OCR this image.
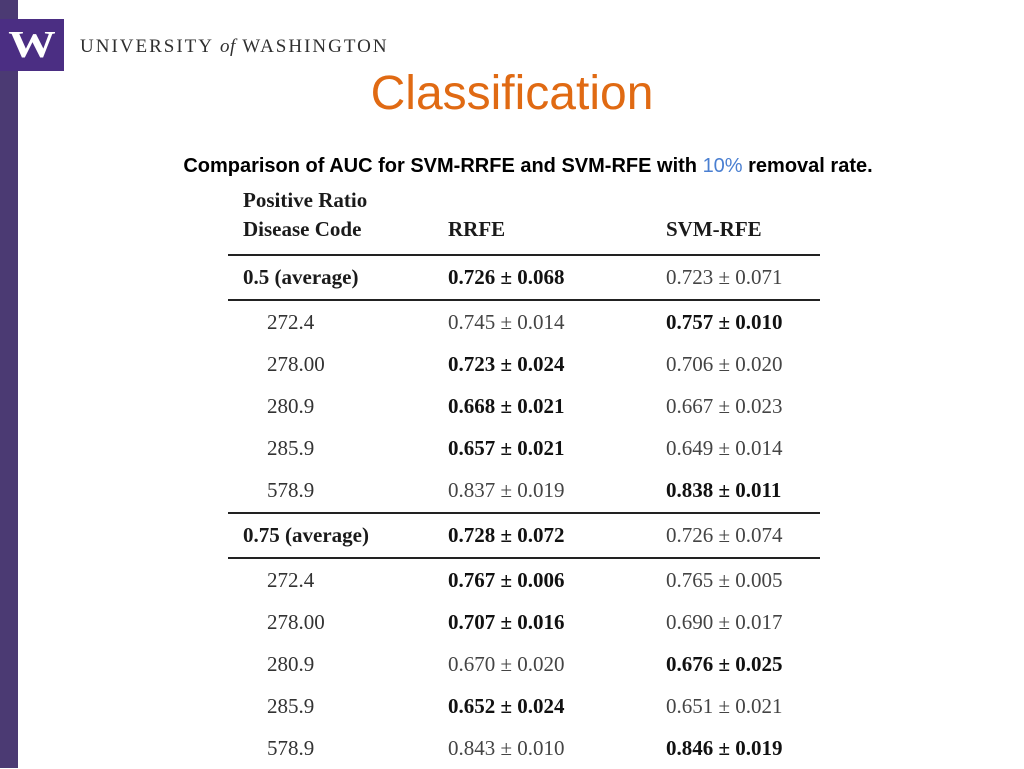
W UNIVERSITY of WASHINGTON
Classification
Comparison of AUC for SVM-RRFE and SVM-RFE with 10% removal rate.
Positive Ratio
Disease Code	RRFE	SVM-RFE
0.5 (average)	0.726 ± 0.068	0.723 ± 0.071
272.4	0.745 ± 0.014	0.757 ± 0.010
278.00	0.723 ± 0.024	0.706 ± 0.020
280.9	0.668 ± 0.021	0.667 ± 0.023
285.9	0.657 ± 0.021	0.649 ± 0.014
578.9	0.837 ± 0.019	0.838 ± 0.011
0.75 (average)	0.728 ± 0.072	0.726 ± 0.074
272.4	0.767 ± 0.006	0.765 ± 0.005
278.00	0.707 ± 0.016	0.690 ± 0.017
280.9	0.670 ± 0.020	0.676 ± 0.025
285.9	0.652 ± 0.024	0.651 ± 0.021
578.9	0.843 ± 0.010	0.846 ± 0.019
